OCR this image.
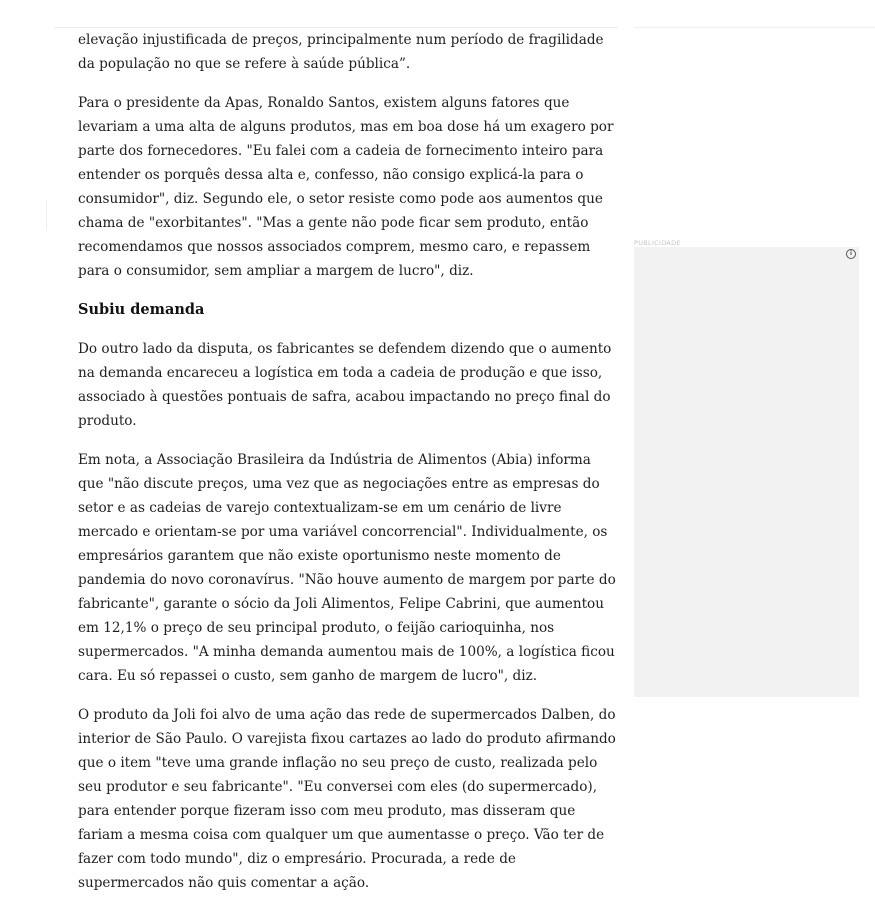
elevação injustificada de preços, principalmente num período de fragilidade da população no que se refere à saúde pública”.

Para o presidente da Apas, Ronaldo Santos, existem alguns fatores que levariam a uma alta de alguns produtos, mas em boa dose há um exagero por parte dos fornecedores. "Eu falei com a cadeia de fornecimento inteiro para entender os porquês dessa alta e, confesso, não consigo explicá-la para o consumidor", diz. Segundo ele, o setor resiste como pode aos aumentos que chama de "exorbitantes". "Mas a gente não pode ficar sem produto, então recomendamos que nossos associados comprem, mesmo caro, e repassem para o consumidor, sem ampliar a margem de lucro", diz.

Subiu demanda

Do outro lado da disputa, os fabricantes se defendem dizendo que o aumento na demanda encareceu a logística em toda a cadeia de produção e que isso, associado à questões pontuais de safra, acabou impactando no preço final do produto.

Em nota, a Associação Brasileira da Indústria de Alimentos (Abia) informa que "não discute preços, uma vez que as negociações entre as empresas do setor e as cadeias de varejo contextualizam-se em um cenário de livre mercado e orientam-se por uma variável concorrencial". Individualmente, os empresários garantem que não existe oportunismo neste momento de pandemia do novo coronavírus. "Não houve aumento de margem por parte do fabricante", garante o sócio da Joli Alimentos, Felipe Cabrini, que aumentou em 12,1% o preço de seu principal produto, o feijão carioquinha, nos supermercados. "A minha demanda aumentou mais de 100%, a logística ficou cara. Eu só repassei o custo, sem ganho de margem de lucro", diz.

O produto da Joli foi alvo de uma ação das rede de supermercados Dalben, do interior de São Paulo. O varejista fixou cartazes ao lado do produto afirmando que o item "teve uma grande inflação no seu preço de custo, realizada pelo seu produtor e seu fabricante". "Eu conversei com eles (do supermercado), para entender porque fizeram isso com meu produto, mas disseram que fariam a mesma coisa com qualquer um que aumentasse o preço. Vão ter de fazer com todo mundo", diz o empresário. Procurada, a rede de supermercados não quis comentar a ação.

PUBLICIDADE
i
